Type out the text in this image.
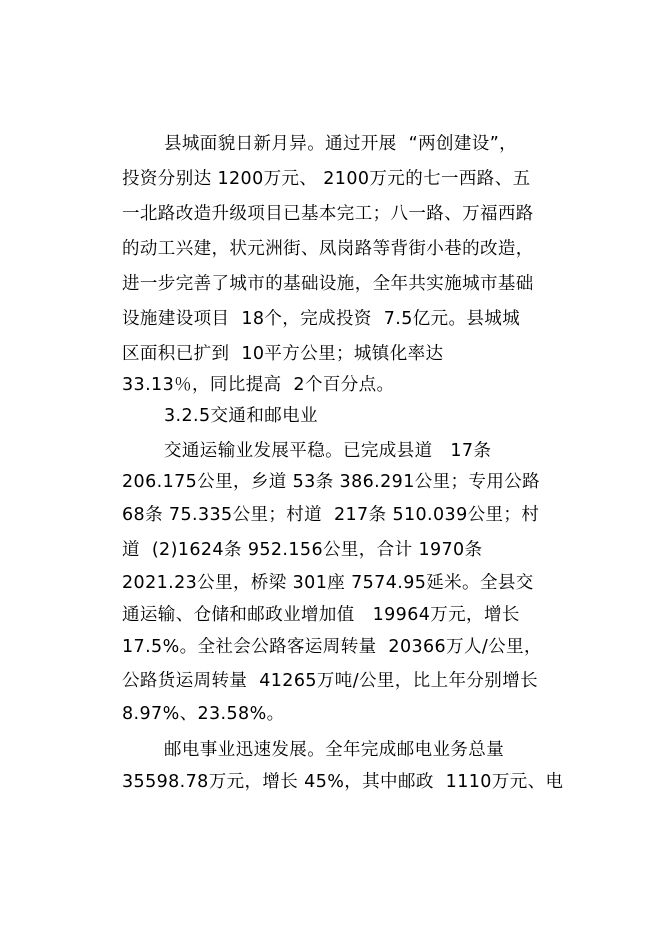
县城面貌日新月异。通过开展  “两创建设”，
投资分别达 1200万元、 2100万元的七一西路、五
一北路改造升级项目已基本完工；八一路、万福西路
的动工兴建，状元洲街、凤岗路等背街小巷的改造，
进一步完善了城市的基础设施，全年共实施城市基础
设施建设项目  18个，完成投资  7.5亿元。县城城
区面积已扩到  10平方公里；城镇化率达
33.13％，同比提高  2个百分点。
3.2.5交通和邮电业
交通运输业发展平稳。已完成县道   17条
206.175公里，乡道 53条 386.291公里；专用公路
68条 75.335公里；村道  217条 510.039公里；村
道  (2)1624条 952.156公里，合计 1970条
2021.23公里，桥梁 301座 7574.95延米。全县交
通运输、仓储和邮政业增加值   19964万元，增长
17.5%。全社会公路客运周转量  20366万人/公里，
公路货运周转量  41265万吨/公里，比上年分别增长
8.97%、23.58%。
邮电事业迅速发展。全年完成邮电业务总量
35598.78万元，增长 45%，其中邮政  1110万元、电
